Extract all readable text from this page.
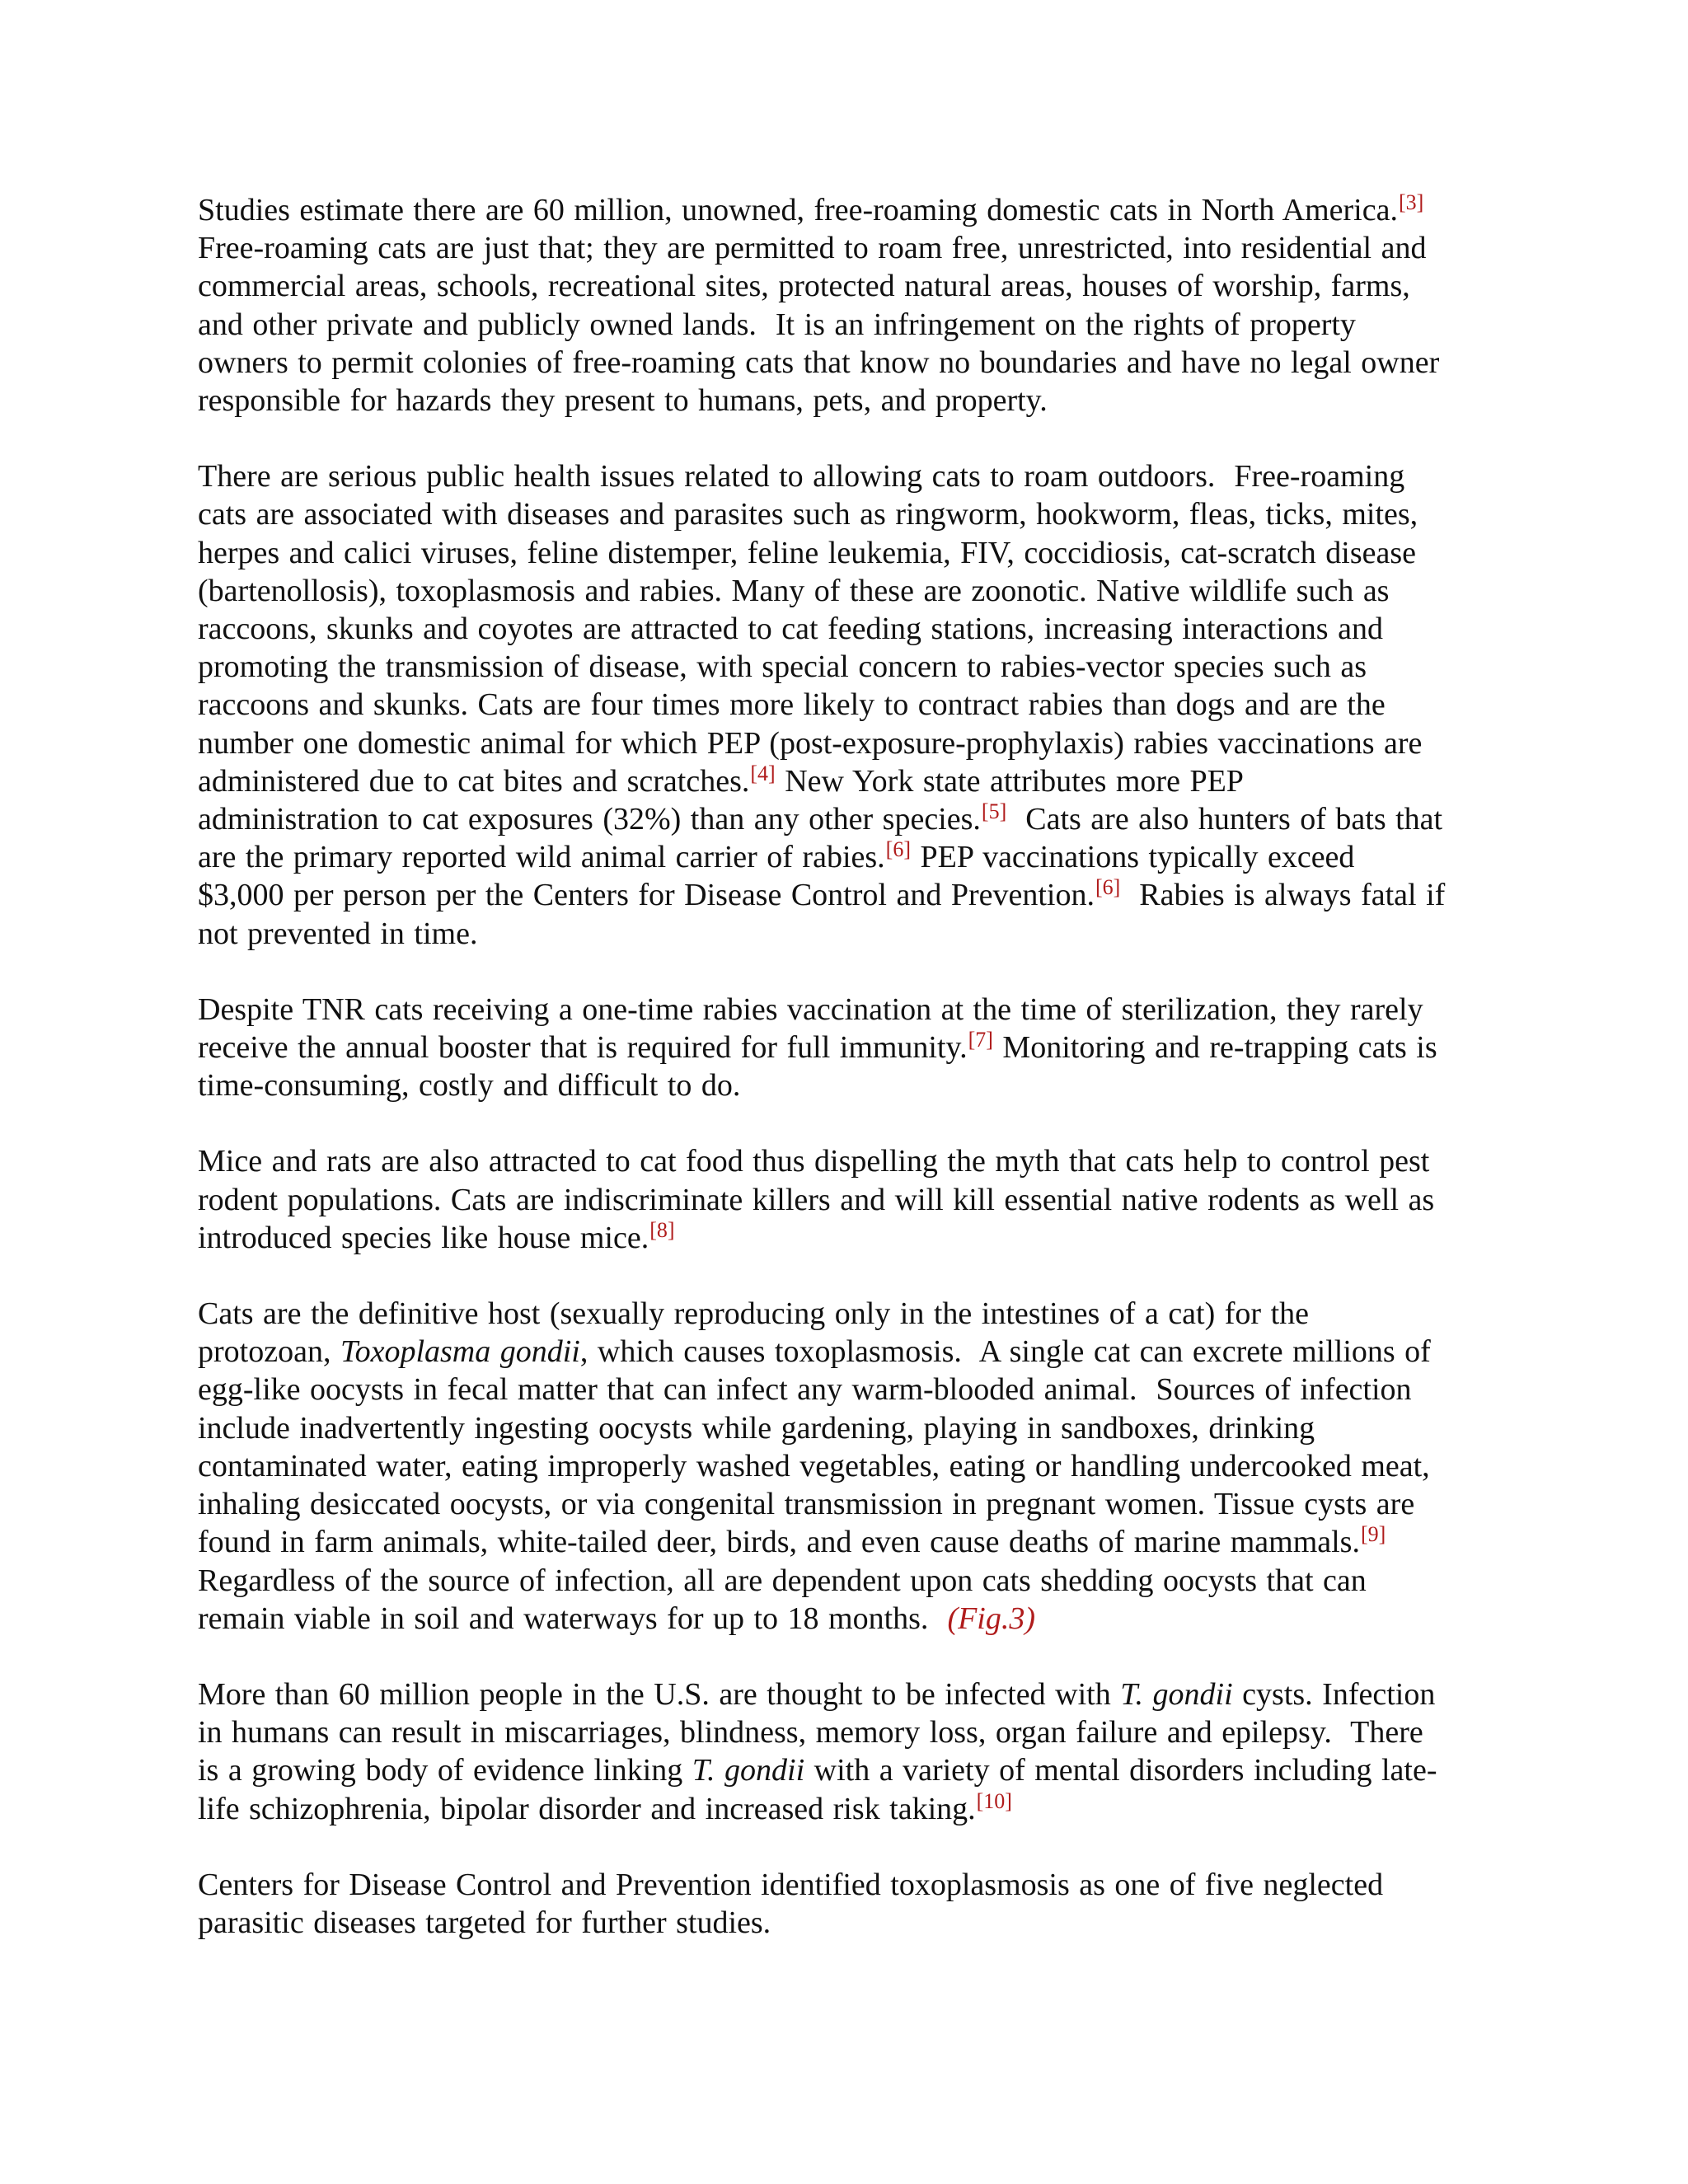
Studies estimate there are 60 million, unowned, free-roaming domestic cats in North America.[3]
Free-roaming cats are just that; they are permitted to roam free, unrestricted, into residential and
commercial areas, schools, recreational sites, protected natural areas, houses of worship, farms,
and other private and publicly owned lands.  It is an infringement on the rights of property
owners to permit colonies of free-roaming cats that know no boundaries and have no legal owner
responsible for hazards they present to humans, pets, and property.

There are serious public health issues related to allowing cats to roam outdoors.  Free-roaming
cats are associated with diseases and parasites such as ringworm, hookworm, fleas, ticks, mites,
herpes and calici viruses, feline distemper, feline leukemia, FIV, coccidiosis, cat-scratch disease
(bartenollosis), toxoplasmosis and rabies. Many of these are zoonotic. Native wildlife such as
raccoons, skunks and coyotes are attracted to cat feeding stations, increasing interactions and
promoting the transmission of disease, with special concern to rabies-vector species such as
raccoons and skunks. Cats are four times more likely to contract rabies than dogs and are the
number one domestic animal for which PEP (post-exposure-prophylaxis) rabies vaccinations are
administered due to cat bites and scratches.[4] New York state attributes more PEP
administration to cat exposures (32%) than any other species.[5]  Cats are also hunters of bats that
are the primary reported wild animal carrier of rabies.[6] PEP vaccinations typically exceed
$3,000 per person per the Centers for Disease Control and Prevention.[6]  Rabies is always fatal if
not prevented in time.

Despite TNR cats receiving a one-time rabies vaccination at the time of sterilization, they rarely
receive the annual booster that is required for full immunity.[7] Monitoring and re-trapping cats is
time-consuming, costly and difficult to do.

Mice and rats are also attracted to cat food thus dispelling the myth that cats help to control pest
rodent populations. Cats are indiscriminate killers and will kill essential native rodents as well as
introduced species like house mice.[8]

Cats are the definitive host (sexually reproducing only in the intestines of a cat) for the
protozoan, Toxoplasma gondii, which causes toxoplasmosis.  A single cat can excrete millions of
egg-like oocysts in fecal matter that can infect any warm-blooded animal.  Sources of infection
include inadvertently ingesting oocysts while gardening, playing in sandboxes, drinking
contaminated water, eating improperly washed vegetables, eating or handling undercooked meat,
inhaling desiccated oocysts, or via congenital transmission in pregnant women. Tissue cysts are
found in farm animals, white-tailed deer, birds, and even cause deaths of marine mammals.[9]
Regardless of the source of infection, all are dependent upon cats shedding oocysts that can
remain viable in soil and waterways for up to 18 months.  (Fig.3)

More than 60 million people in the U.S. are thought to be infected with T. gondii cysts. Infection
in humans can result in miscarriages, blindness, memory loss, organ failure and epilepsy.  There
is a growing body of evidence linking T. gondii with a variety of mental disorders including late-
life schizophrenia, bipolar disorder and increased risk taking.[10]

Centers for Disease Control and Prevention identified toxoplasmosis as one of five neglected
parasitic diseases targeted for further studies.
